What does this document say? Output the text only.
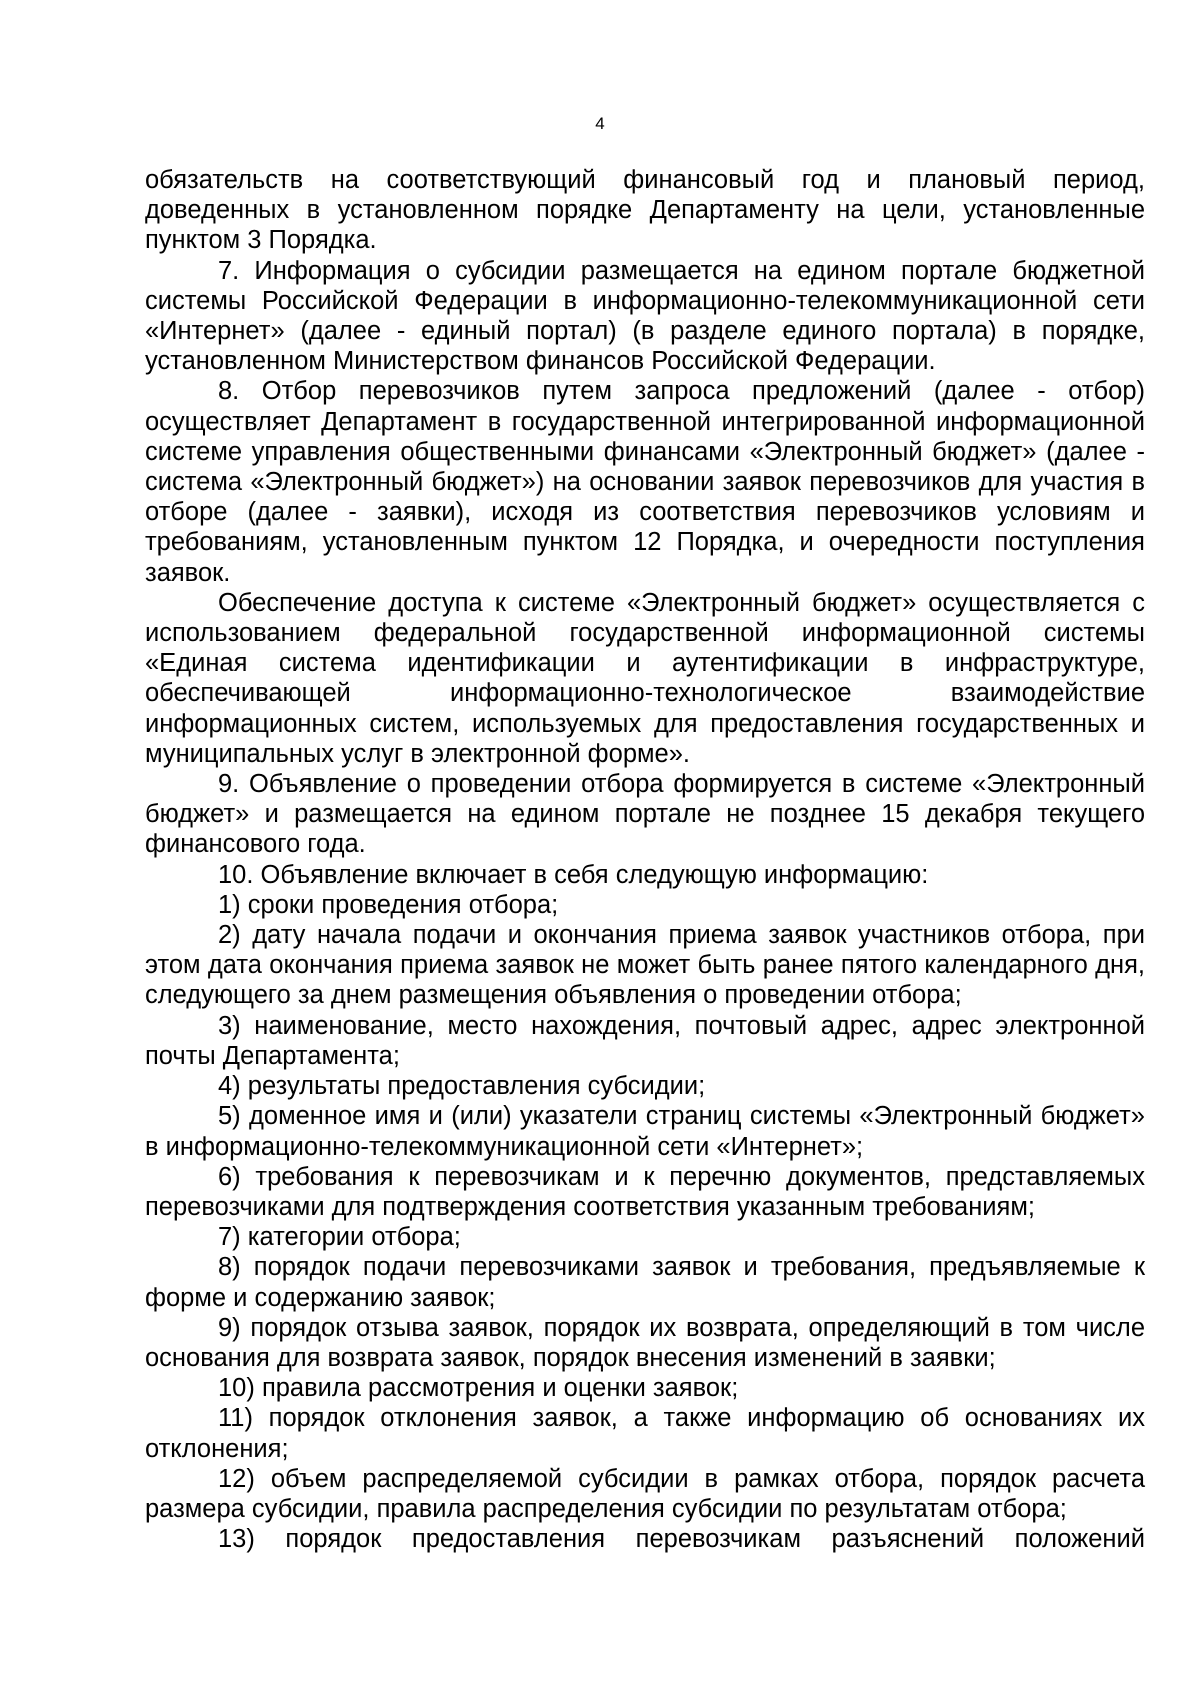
4

обязательств на соответствующий финансовый год и плановый период, доведенных в установленном порядке Департаменту на цели, установленные пунктом 3 Порядка.

7. Информация о субсидии размещается на едином портале бюджетной системы Российской Федерации в информационно-телекоммуникационной сети «Интернет» (далее - единый портал) (в разделе единого портала) в порядке, установленном Министерством финансов Российской Федерации.

8. Отбор перевозчиков путем запроса предложений (далее - отбор) осуществляет Департамент в государственной интегрированной информационной системе управления общественными финансами «Электронный бюджет» (далее - система «Электронный бюджет») на основании заявок перевозчиков для участия в отборе (далее - заявки), исходя из соответствия перевозчиков условиям и требованиям, установленным пунктом 12 Порядка, и очередности поступления заявок.

Обеспечение доступа к системе «Электронный бюджет» осуществляется с использованием федеральной государственной информационной системы «Единая система идентификации и аутентификации в инфраструктуре, обеспечивающей информационно-технологическое взаимодействие информационных систем, используемых для предоставления государственных и муниципальных услуг в электронной форме».

9. Объявление о проведении отбора формируется в системе «Электронный бюджет» и размещается на едином портале не позднее 15 декабря текущего финансового года.

10. Объявление включает в себя следующую информацию:

1) сроки проведения отбора;

2) дату начала подачи и окончания приема заявок участников отбора, при этом дата окончания приема заявок не может быть ранее пятого календарного дня, следующего за днем размещения объявления о проведении отбора;

3) наименование, место нахождения, почтовый адрес, адрес электронной почты Департамента;

4) результаты предоставления субсидии;

5) доменное имя и (или) указатели страниц системы «Электронный бюджет» в информационно-телекоммуникационной сети «Интернет»;

6) требования к перевозчикам и к перечню документов, представляемых перевозчиками для подтверждения соответствия указанным требованиям;

7) категории отбора;

8) порядок подачи перевозчиками заявок и требования, предъявляемые к форме и содержанию заявок;

9) порядок отзыва заявок, порядок их возврата, определяющий в том числе основания для возврата заявок, порядок внесения изменений в заявки;

10) правила рассмотрения и оценки заявок;

11) порядок отклонения заявок, а также информацию об основаниях их отклонения;

12) объем распределяемой субсидии в рамках отбора, порядок расчета размера субсидии, правила распределения субсидии по результатам отбора;

13) порядок предоставления перевозчикам разъяснений положений
